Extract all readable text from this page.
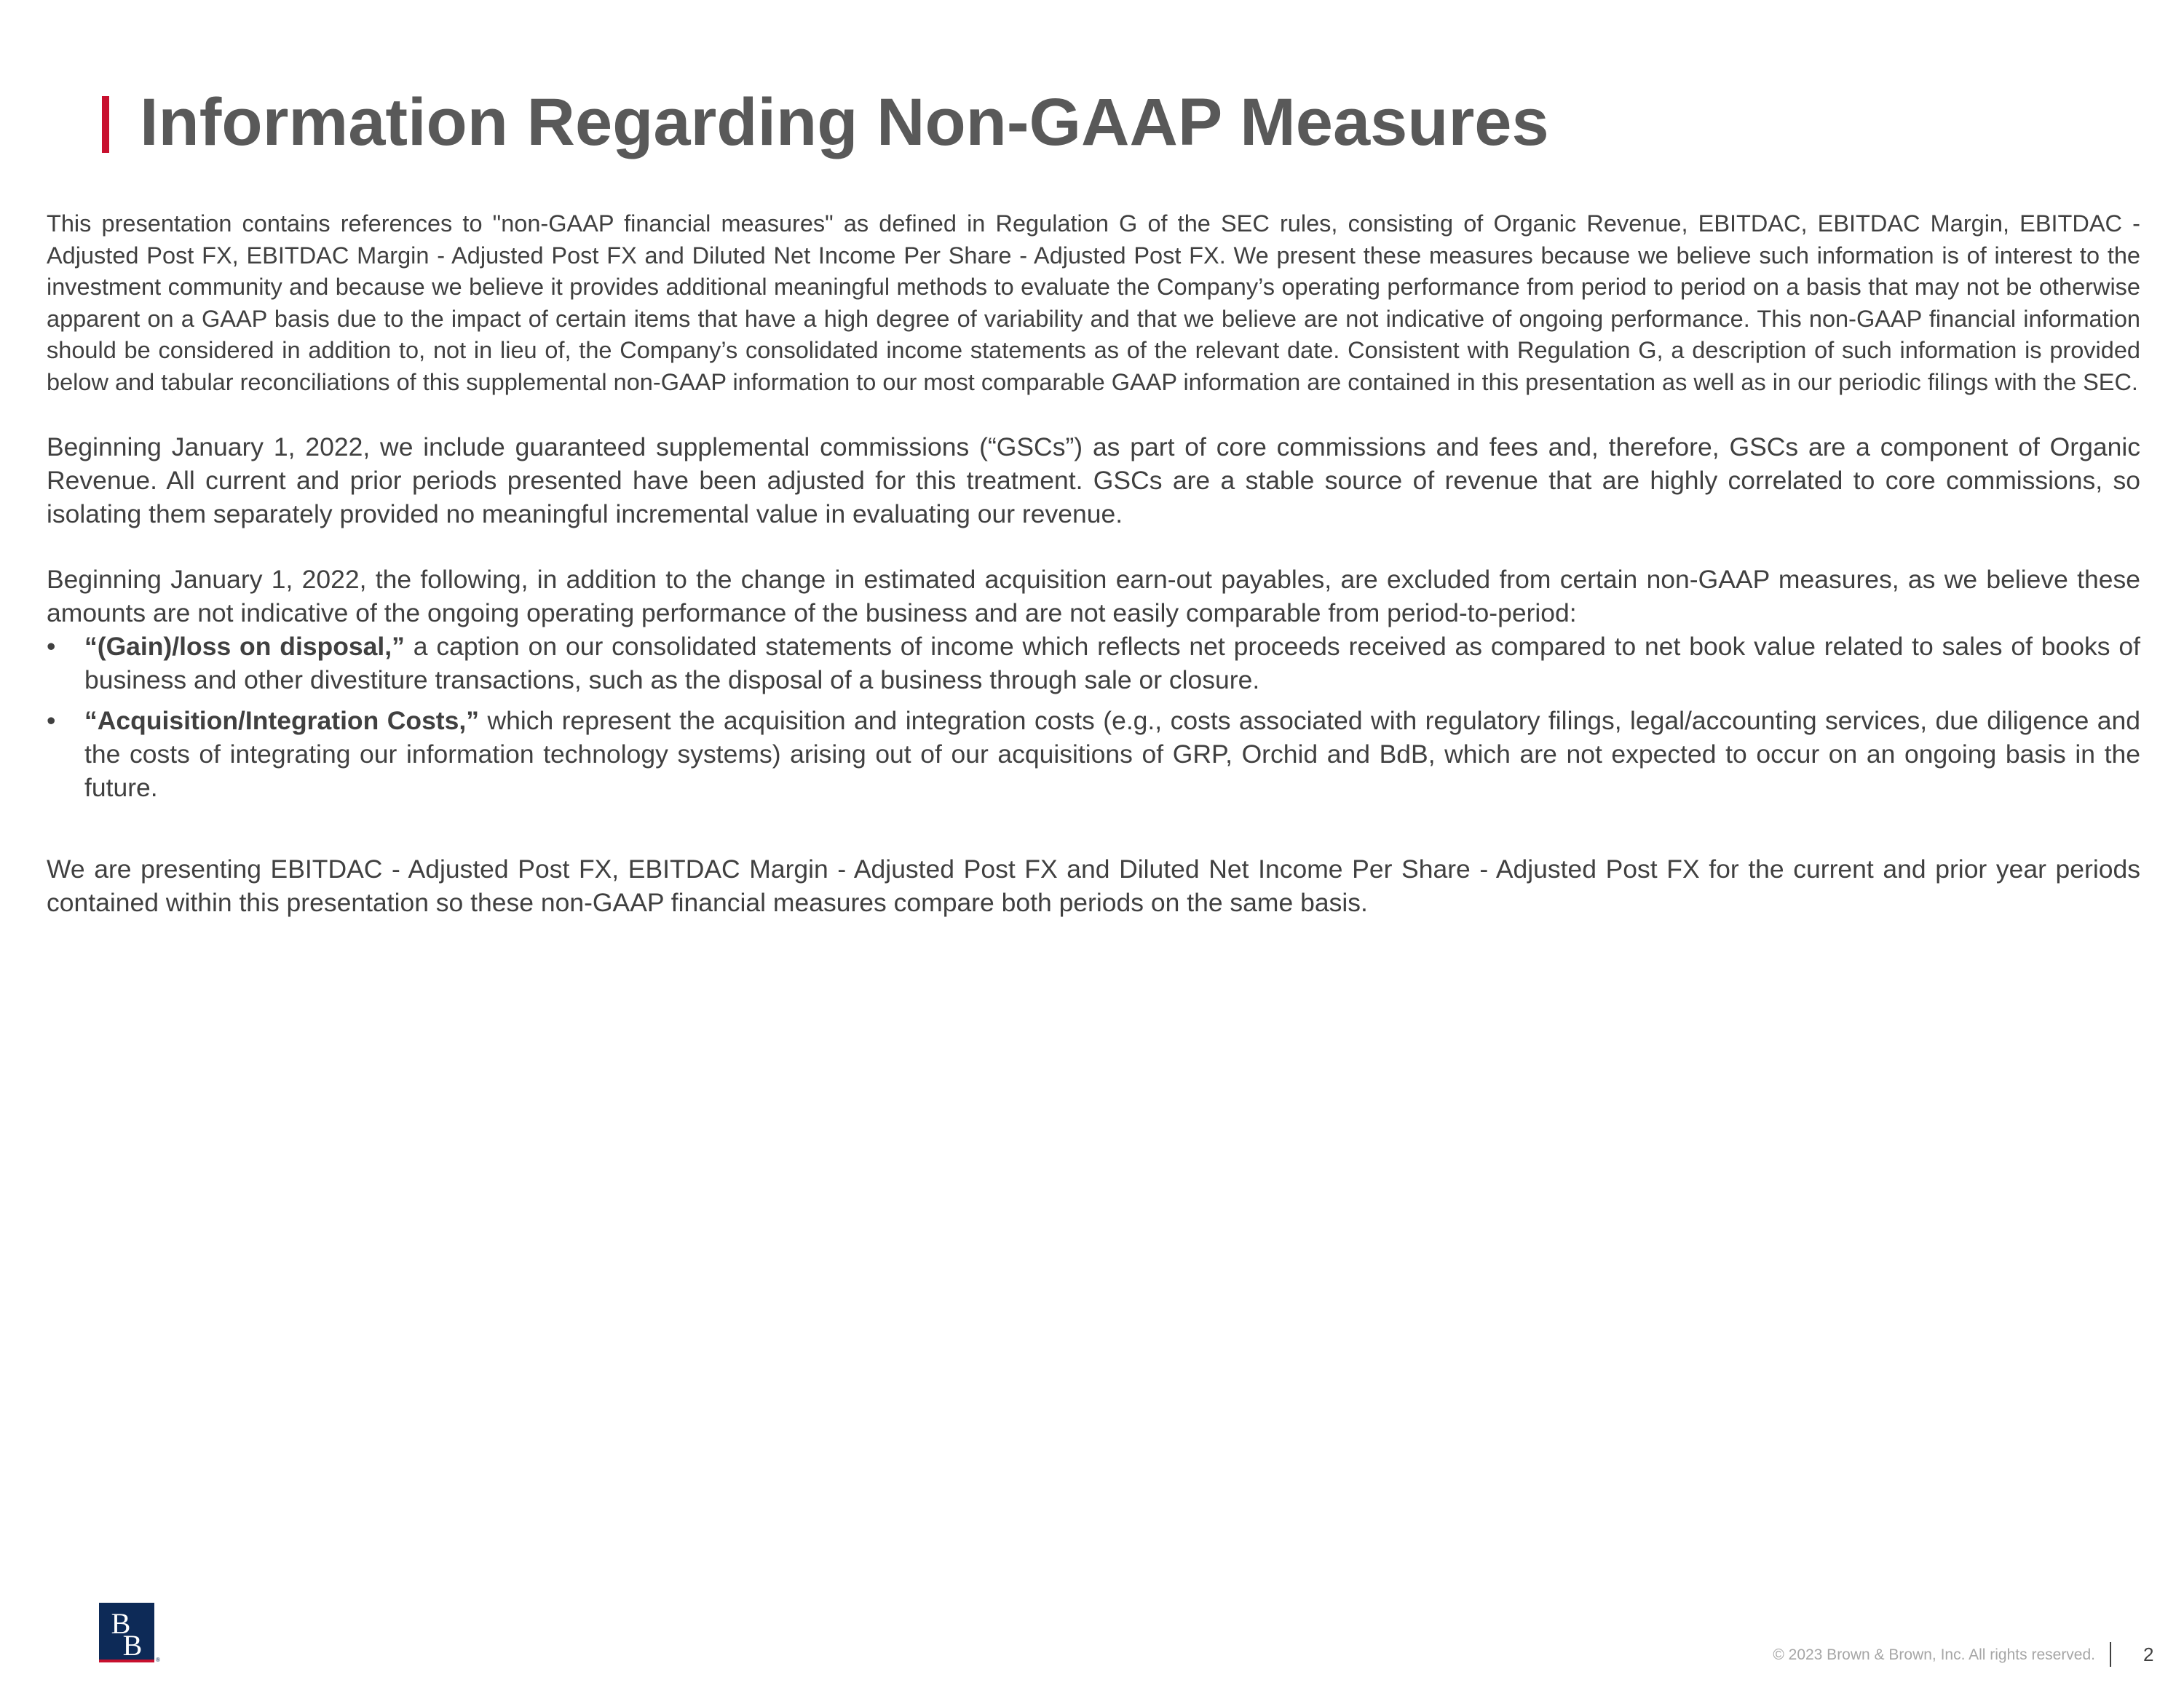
Information Regarding Non-GAAP Measures

This presentation contains references to "non-GAAP financial measures" as defined in Regulation G of the SEC rules, consisting of Organic Revenue, EBITDAC, EBITDAC Margin, EBITDAC - Adjusted Post FX, EBITDAC Margin - Adjusted Post FX and Diluted Net Income Per Share - Adjusted Post FX. We present these measures because we believe such information is of interest to the investment community and because we believe it provides additional meaningful methods to evaluate the Company’s operating performance from period to period on a basis that may not be otherwise apparent on a GAAP basis due to the impact of certain items that have a high degree of variability and that we believe are not indicative of ongoing performance. This non-GAAP financial information should be considered in addition to, not in lieu of, the Company’s consolidated income statements as of the relevant date. Consistent with Regulation G, a description of such information is provided below and tabular reconciliations of this supplemental non-GAAP information to our most comparable GAAP information are contained in this presentation as well as in our periodic filings with the SEC.

Beginning January 1, 2022, we include guaranteed supplemental commissions (“GSCs”) as part of core commissions and fees and, therefore, GSCs are a component of Organic Revenue. All current and prior periods presented have been adjusted for this treatment. GSCs are a stable source of revenue that are highly correlated to core commissions, so isolating them separately provided no meaningful incremental value in evaluating our revenue.

Beginning January 1, 2022, the following, in addition to the change in estimated acquisition earn-out payables, are excluded from certain non-GAAP measures, as we believe these amounts are not indicative of the ongoing operating performance of the business and are not easily comparable from period-to-period:

• “(Gain)/loss on disposal,” a caption on our consolidated statements of income which reflects net proceeds received as compared to net book value related to sales of books of business and other divestiture transactions, such as the disposal of a business through sale or closure.
• “Acquisition/Integration Costs,” which represent the acquisition and integration costs (e.g., costs associated with regulatory filings, legal/accounting services, due diligence and the costs of integrating our information technology systems) arising out of our acquisitions of GRP, Orchid and BdB, which are not expected to occur on an ongoing basis in the future.

We are presenting EBITDAC - Adjusted Post FX, EBITDAC Margin - Adjusted Post FX and Diluted Net Income Per Share - Adjusted Post FX for the current and prior year periods contained within this presentation so these non-GAAP financial measures compare both periods on the same basis.

B
B ®	© 2023 Brown & Brown, Inc. All rights reserved.	2
